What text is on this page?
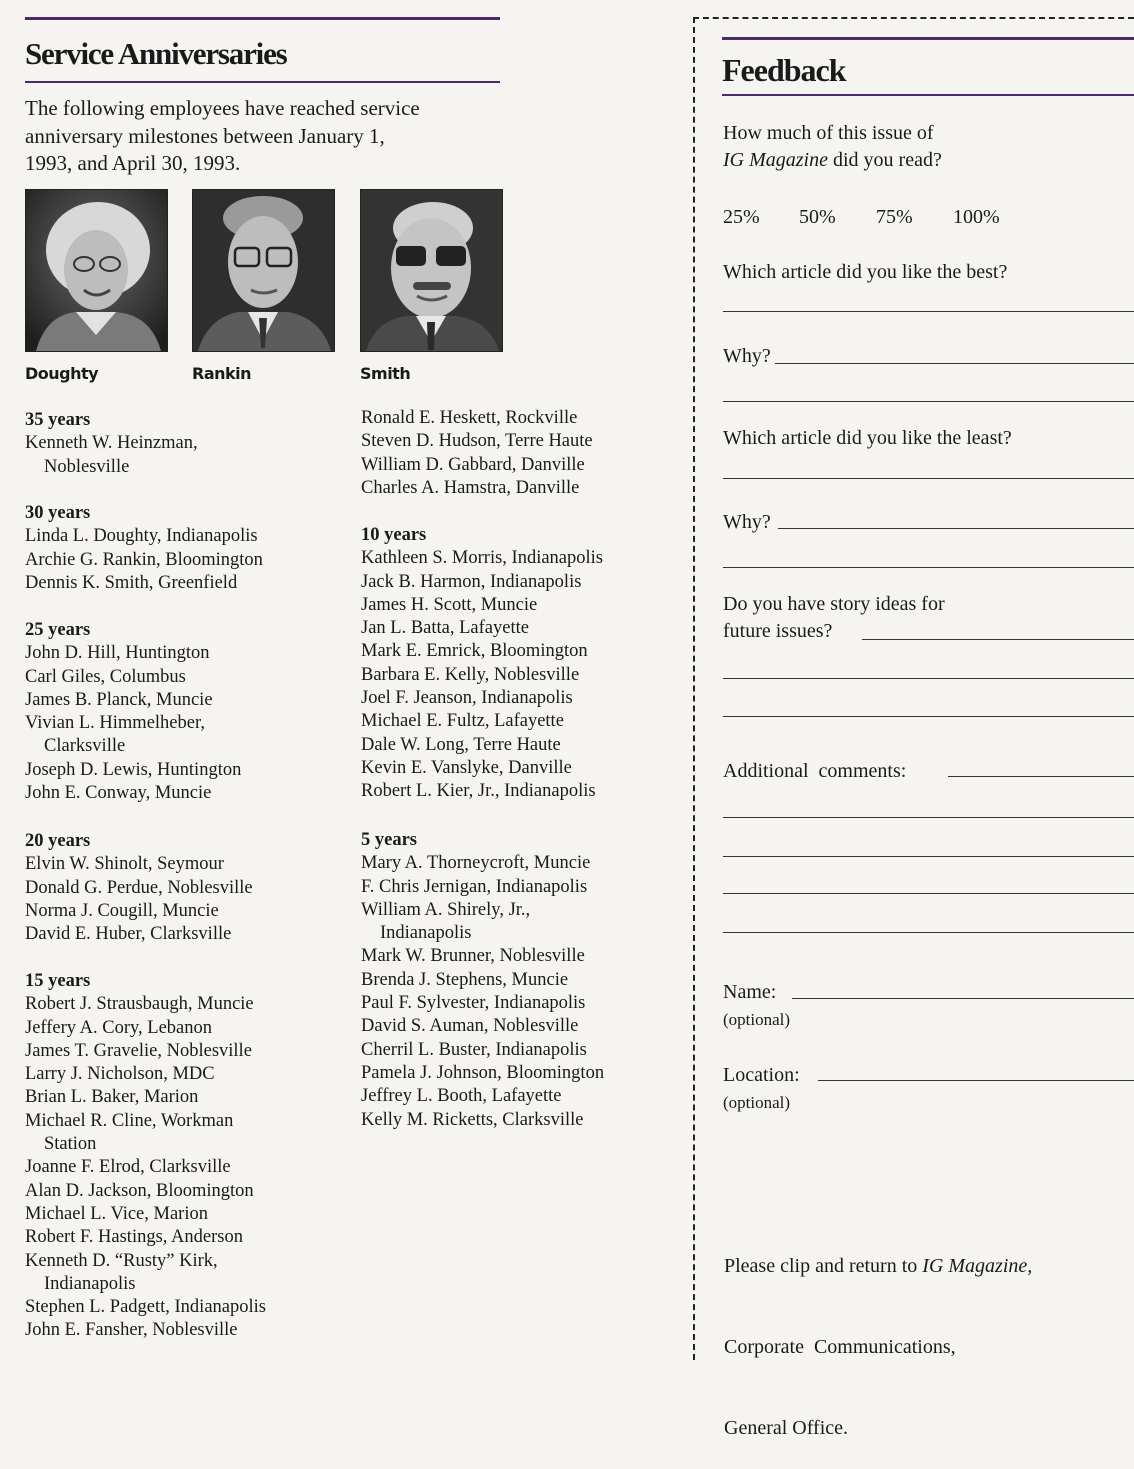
Service Anniversaries
The following employees have reached service
anniversary milestones between January 1,
1993, and April 30, 1993.
Doughty	Rankin	Smith
35 years
Kenneth W. Heinzman,
Noblesville
30 years
Linda L. Doughty, Indianapolis
Archie G. Rankin, Bloomington
Dennis K. Smith, Greenfield
25 years
John D. Hill, Huntington
Carl Giles, Columbus
James B. Planck, Muncie
Vivian L. Himmelheber,
Clarksville
Joseph D. Lewis, Huntington
John E. Conway, Muncie
20 years
Elvin W. Shinolt, Seymour
Donald G. Perdue, Noblesville
Norma J. Cougill, Muncie
David E. Huber, Clarksville
15 years
Robert J. Strausbaugh, Muncie
Jeffery A. Cory, Lebanon
James T. Gravelie, Noblesville
Larry J. Nicholson, MDC
Brian L. Baker, Marion
Michael R. Cline, Workman
Station
Joanne F. Elrod, Clarksville
Alan D. Jackson, Bloomington
Michael L. Vice, Marion
Robert F. Hastings, Anderson
Kenneth D. “Rusty” Kirk,
Indianapolis
Stephen L. Padgett, Indianapolis
John E. Fansher, Noblesville
Ronald E. Heskett, Rockville
Steven D. Hudson, Terre Haute
William D. Gabbard, Danville
Charles A. Hamstra, Danville
10 years
Kathleen S. Morris, Indianapolis
Jack B. Harmon, Indianapolis
James H. Scott, Muncie
Jan L. Batta, Lafayette
Mark E. Emrick, Bloomington
Barbara E. Kelly, Noblesville
Joel F. Jeanson, Indianapolis
Michael E. Fultz, Lafayette
Dale W. Long, Terre Haute
Kevin E. Vanslyke, Danville
Robert L. Kier, Jr., Indianapolis
5 years
Mary A. Thorneycroft, Muncie
F. Chris Jernigan, Indianapolis
William A. Shirely, Jr.,
Indianapolis
Mark W. Brunner, Noblesville
Brenda J. Stephens, Muncie
Paul F. Sylvester, Indianapolis
David S. Auman, Noblesville
Cherril L. Buster, Indianapolis
Pamela J. Johnson, Bloomington
Jeffrey L. Booth, Lafayette
Kelly M. Ricketts, Clarksville
Feedback
How much of this issue of
IG Magazine did you read?
25% 50% 75% 100%
Which article did you like the best?
Why?
Which article did you like the least?
Why?
Do you have story ideas for
future issues?
Additional  comments:
Name:
(optional)
Location:
(optional)

Please clip and return to IG Magazine,

Corporate  Communications,

General Office.
